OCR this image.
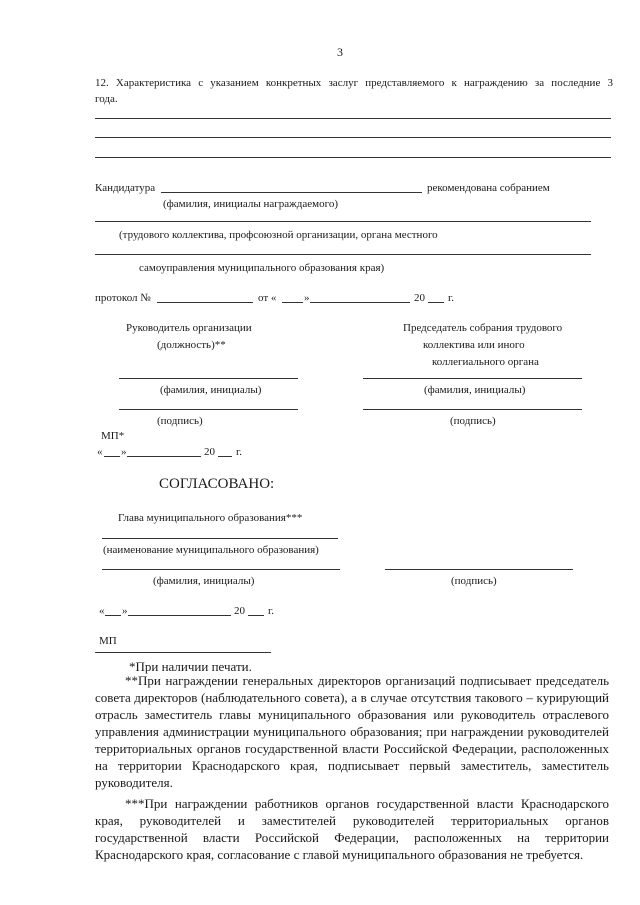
3
12. Характеристика с указанием конкретных заслуг представляемого к награждению за последние 3
года.
Кандидатура	рекомендована собранием
(фамилия, инициалы награждаемого)
(трудового коллектива, профсоюзной организации, органа местного
самоуправления муниципального образования края)
протокол №	от «	»	20 г.
Руководитель организации
(должность)**
Председатель собрания трудового
коллектива или иного
коллегиального органа
(фамилия, инициалы)	(фамилия, инициалы)
(подпись)	(подпись)
МП*
« »	20 г.
СОГЛАСОВАНО:
Глава муниципального образования***
(наименование муниципального образования)
(фамилия, инициалы)	(подпись)
« »	20 г.
МП
*При наличии печати.
**При награждении генеральных директоров организаций подписывает председатель
совета директоров (наблюдательного совета), а в случае отсутствия такового – курирующий
отрасль заместитель главы муниципального образования или руководитель отраслевого
управления администрации муниципального образования; при награждении руководителей
территориальных органов государственной власти Российской Федерации, расположенных
на территории Краснодарского края, подписывает первый заместитель, заместитель
руководителя.
***При награждении работников органов государственной власти Краснодарского
края, руководителей и заместителей руководителей территориальных органов
государственной власти Российской Федерации, расположенных на территории
Краснодарского края, согласование с главой муниципального образования не требуется.
